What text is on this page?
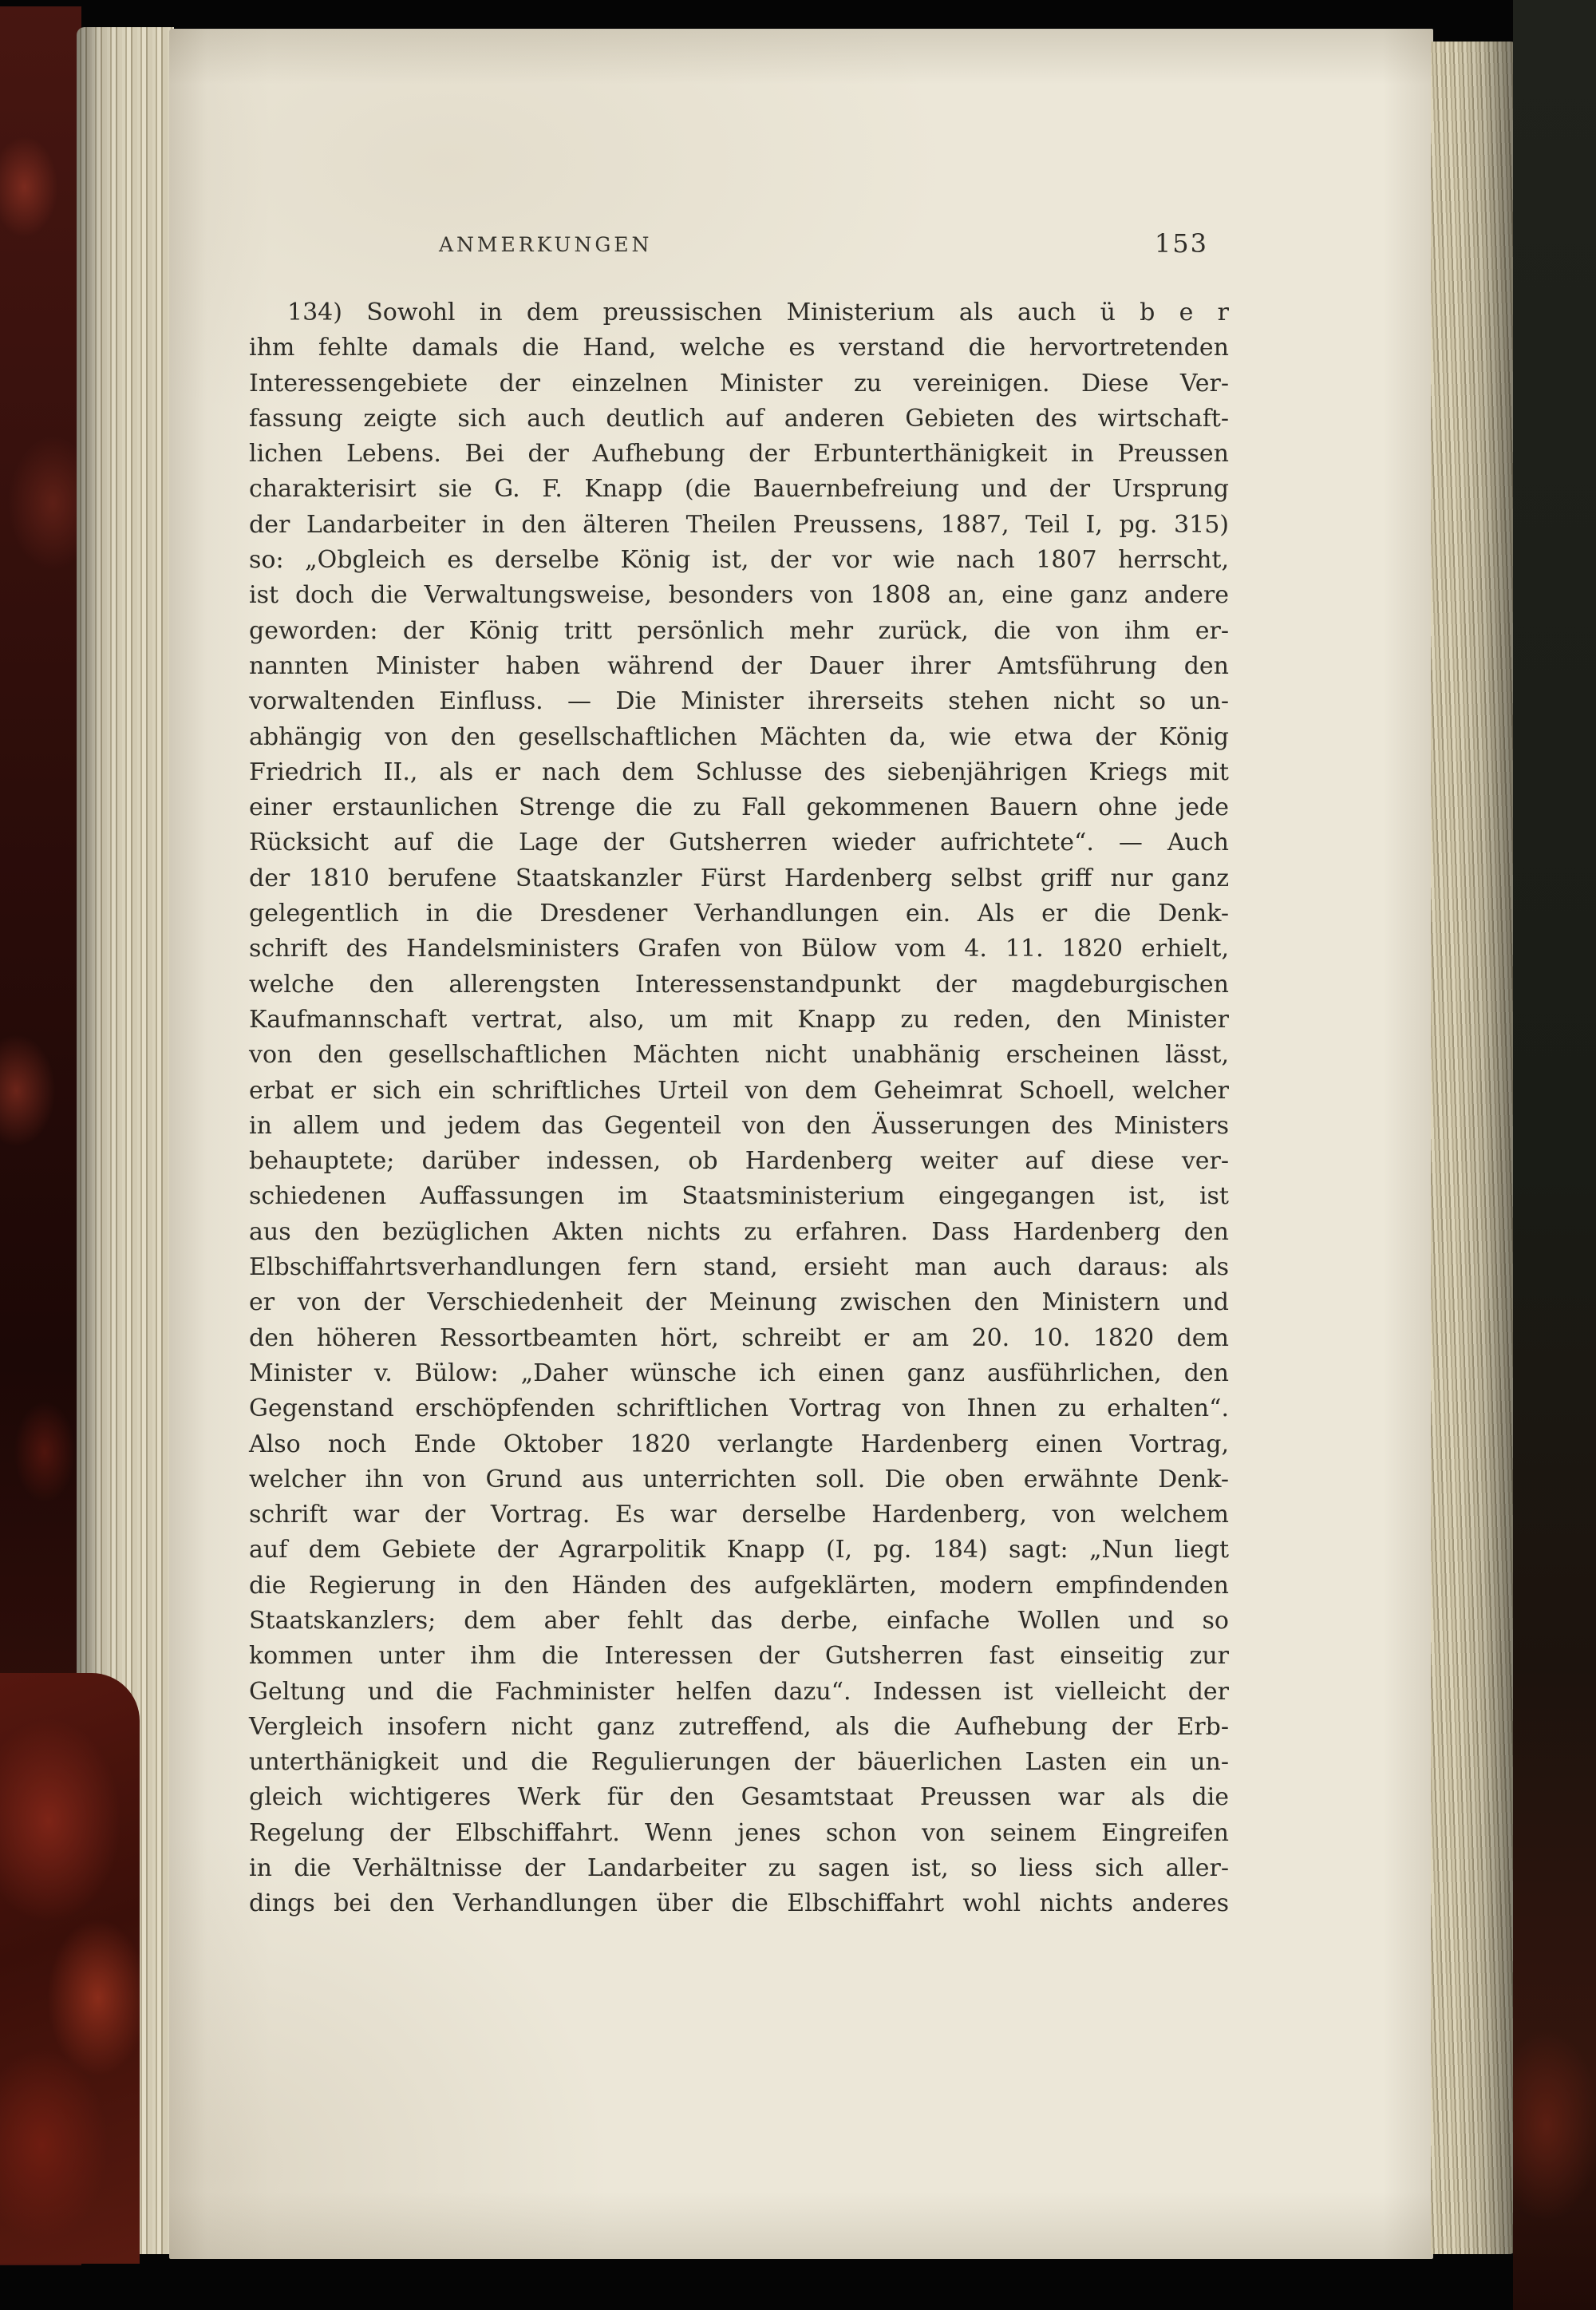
ANMERKUNGEN	153
134) Sowohl in dem preussischen Ministerium als auch ü b e r
ihm fehlte damals die Hand, welche es verstand die hervortretenden
Interessengebiete der einzelnen Minister zu vereinigen. Diese Ver-
fassung zeigte sich auch deutlich auf anderen Gebieten des wirtschaft-
lichen Lebens. Bei der Aufhebung der Erbunterthänigkeit in Preussen
charakterisirt sie G. F. Knapp (die Bauernbefreiung und der Ursprung
der Landarbeiter in den älteren Theilen Preussens, 1887, Teil I, pg. 315)
so: „Obgleich es derselbe König ist, der vor wie nach 1807 herrscht,
ist doch die Verwaltungsweise, besonders von 1808 an, eine ganz andere
geworden: der König tritt persönlich mehr zurück, die von ihm er-
nannten Minister haben während der Dauer ihrer Amtsführung den
vorwaltenden Einfluss. — Die Minister ihrerseits stehen nicht so un-
abhängig von den gesellschaftlichen Mächten da, wie etwa der König
Friedrich II., als er nach dem Schlusse des siebenjährigen Kriegs mit
einer erstaunlichen Strenge die zu Fall gekommenen Bauern ohne jede
Rücksicht auf die Lage der Gutsherren wieder aufrichtete“. — Auch
der 1810 berufene Staatskanzler Fürst Hardenberg selbst griff nur ganz
gelegentlich in die Dresdener Verhandlungen ein. Als er die Denk-
schrift des Handelsministers Grafen von Bülow vom 4. 11. 1820 erhielt,
welche den allerengsten Interessenstandpunkt der magdeburgischen
Kaufmannschaft vertrat, also, um mit Knapp zu reden, den Minister
von den gesellschaftlichen Mächten nicht unabhänig erscheinen lässt,
erbat er sich ein schriftliches Urteil von dem Geheimrat Schoell, welcher
in allem und jedem das Gegenteil von den Äusserungen des Ministers
behauptete; darüber indessen, ob Hardenberg weiter auf diese ver-
schiedenen Auffassungen im Staatsministerium eingegangen ist, ist
aus den bezüglichen Akten nichts zu erfahren. Dass Hardenberg den
Elbschiffahrtsverhandlungen fern stand, ersieht man auch daraus: als
er von der Verschiedenheit der Meinung zwischen den Ministern und
den höheren Ressortbeamten hört, schreibt er am 20. 10. 1820 dem
Minister v. Bülow: „Daher wünsche ich einen ganz ausführlichen, den
Gegenstand erschöpfenden schriftlichen Vortrag von Ihnen zu erhalten“.
Also noch Ende Oktober 1820 verlangte Hardenberg einen Vortrag,
welcher ihn von Grund aus unterrichten soll. Die oben erwähnte Denk-
schrift war der Vortrag. Es war derselbe Hardenberg, von welchem
auf dem Gebiete der Agrarpolitik Knapp (I, pg. 184) sagt: „Nun liegt
die Regierung in den Händen des aufgeklärten, modern empfindenden
Staatskanzlers; dem aber fehlt das derbe, einfache Wollen und so
kommen unter ihm die Interessen der Gutsherren fast einseitig zur
Geltung und die Fachminister helfen dazu“. Indessen ist vielleicht der
Vergleich insofern nicht ganz zutreffend, als die Aufhebung der Erb-
unterthänigkeit und die Regulierungen der bäuerlichen Lasten ein un-
gleich wichtigeres Werk für den Gesamtstaat Preussen war als die
Regelung der Elbschiffahrt. Wenn jenes schon von seinem Eingreifen
in die Verhältnisse der Landarbeiter zu sagen ist, so liess sich aller-
dings bei den Verhandlungen über die Elbschiffahrt wohl nichts anderes
